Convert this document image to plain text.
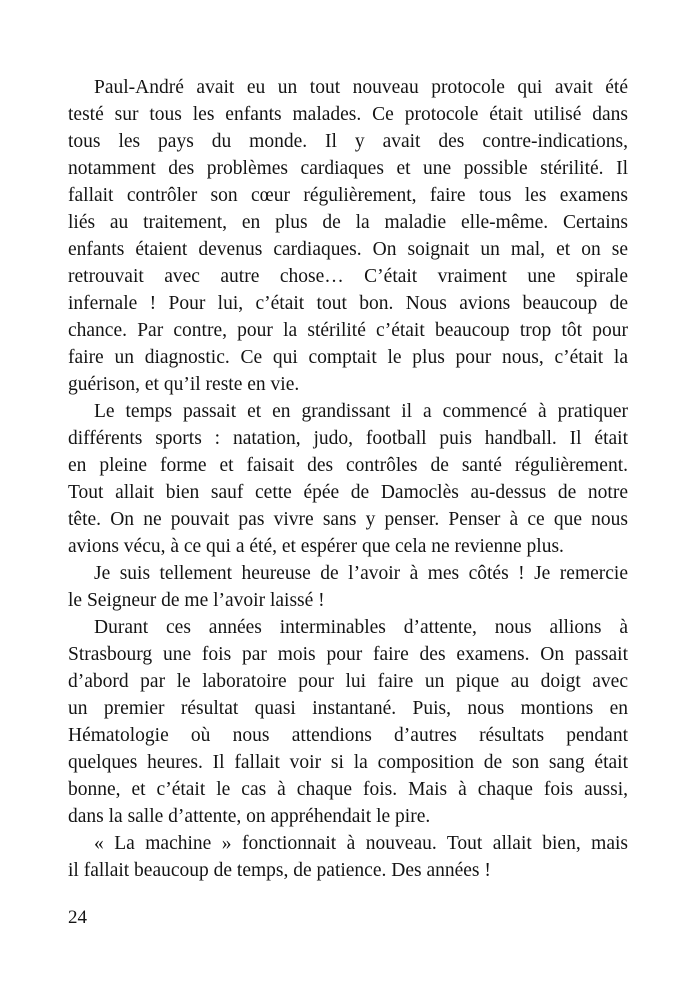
Paul-André avait eu un tout nouveau protocole qui avait été
testé sur tous les enfants malades. Ce protocole était utilisé dans
tous les pays du monde. Il y avait des contre-indications,
notamment des problèmes cardiaques et une possible stérilité. Il
fallait contrôler son cœur régulièrement, faire tous les examens
liés au traitement, en plus de la maladie elle-même. Certains
enfants étaient devenus cardiaques. On soignait un mal, et on se
retrouvait avec autre chose… C’était vraiment une spirale
infernale ! Pour lui, c’était tout bon. Nous avions beaucoup de
chance. Par contre, pour la stérilité c’était beaucoup trop tôt pour
faire un diagnostic. Ce qui comptait le plus pour nous, c’était la
guérison, et qu’il reste en vie.
Le temps passait et en grandissant il a commencé à pratiquer
différents sports : natation, judo, football puis handball. Il était
en pleine forme et faisait des contrôles de santé régulièrement.
Tout allait bien sauf cette épée de Damoclès au-dessus de notre
tête. On ne pouvait pas vivre sans y penser. Penser à ce que nous
avions vécu, à ce qui a été, et espérer que cela ne revienne plus.
Je suis tellement heureuse de l’avoir à mes côtés ! Je remercie
le Seigneur de me l’avoir laissé !
Durant ces années interminables d’attente, nous allions à
Strasbourg une fois par mois pour faire des examens. On passait
d’abord par le laboratoire pour lui faire un pique au doigt avec
un premier résultat quasi instantané. Puis, nous montions en
Hématologie où nous attendions d’autres résultats pendant
quelques heures. Il fallait voir si la composition de son sang était
bonne, et c’était le cas à chaque fois. Mais à chaque fois aussi,
dans la salle d’attente, on appréhendait le pire.
« La machine » fonctionnait à nouveau. Tout allait bien, mais
il fallait beaucoup de temps, de patience. Des années !
24
